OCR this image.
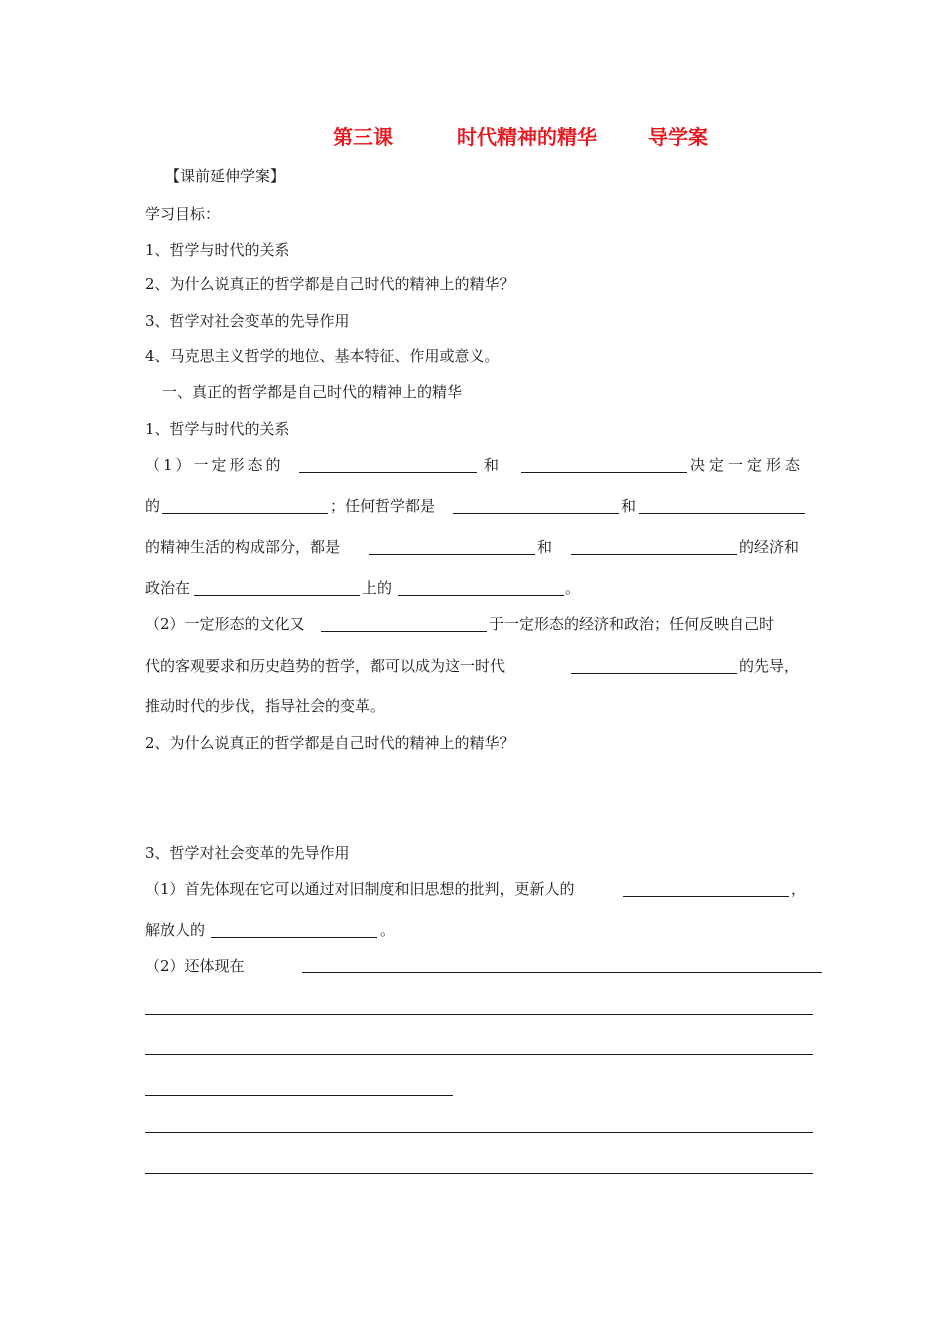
第三课	时代精神的精华	导学案
【课前延伸学案】
学习目标：
1、哲学与时代的关系
2、为什么说真正的哲学都是自己时代的精神上的精华？
3、哲学对社会变革的先导作用
4、马克思主义哲学的地位、基本特征、作用或意义。
一、真正的哲学都是自己时代的精神上的精华
1、哲学与时代的关系
（1）一定形态的	和	决定一定形态
的	；任何哲学都是	和
的精神生活的构成部分，都是	和	的经济和
政治在	上的	。
（2）一定形态的文化又	于一定形态的经济和政治；任何反映自己时
代的客观要求和历史趋势的哲学，都可以成为这一时代	的先导，
推动时代的步伐，指导社会的变革。
2、为什么说真正的哲学都是自己时代的精神上的精华？
3、哲学对社会变革的先导作用
（1）首先体现在它可以通过对旧制度和旧思想的批判，更新人的	，
解放人的	。
（2）还体现在
